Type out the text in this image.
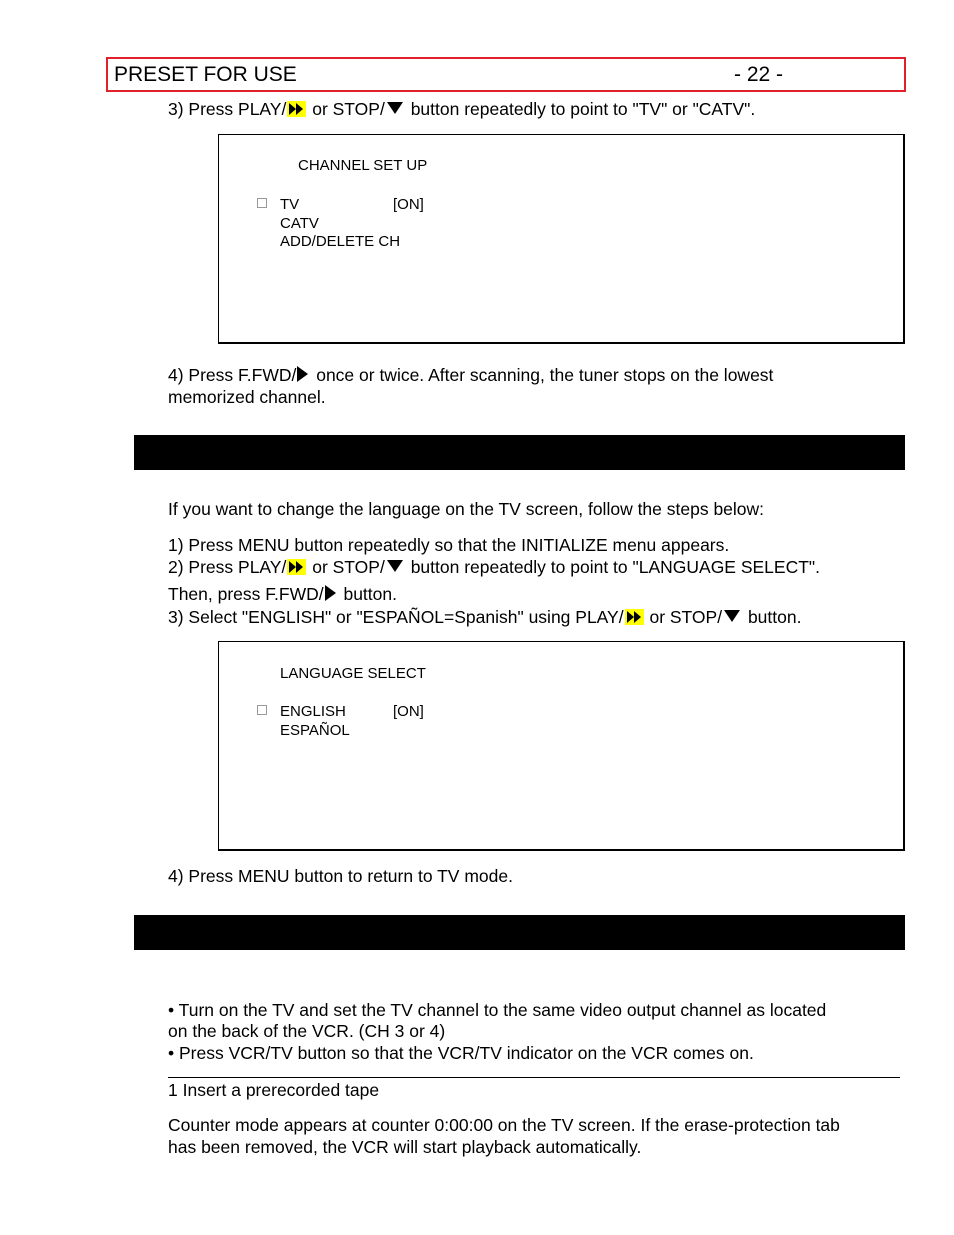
PRESET FOR USE	- 22 -
3) Press PLAY/
or STOP/ button repeatedly to point to "TV" or "CATV".
CHANNEL SET UP
TV	[ON]
CATV
ADD/DELETE CH
4) Press F.FWD/ once or twice. After scanning, the tuner stops on the lowest
memorized channel.
If you want to change the language on the TV screen, follow the steps below:
1) Press MENU button repeatedly so that the INITIALIZE menu appears.
2) Press PLAY/
or STOP/ button repeatedly to point to "LANGUAGE SELECT".
Then, press F.FWD/ button.
3) Select "ENGLISH" or "ESPAÑOL=Spanish" using PLAY/
or STOP/ button.
LANGUAGE SELECT
ENGLISH	[ON]
ESPAÑOL
4) Press MENU button to return to TV mode.
• Turn on the TV and set the TV channel to the same video output channel as located
on the back of the VCR. (CH 3 or 4)
• Press VCR/TV button so that the VCR/TV indicator on the VCR comes on.
1 Insert a prerecorded tape
Counter mode appears at counter 0:00:00 on the TV screen. If the erase-protection tab
has been removed, the VCR will start playback automatically.
